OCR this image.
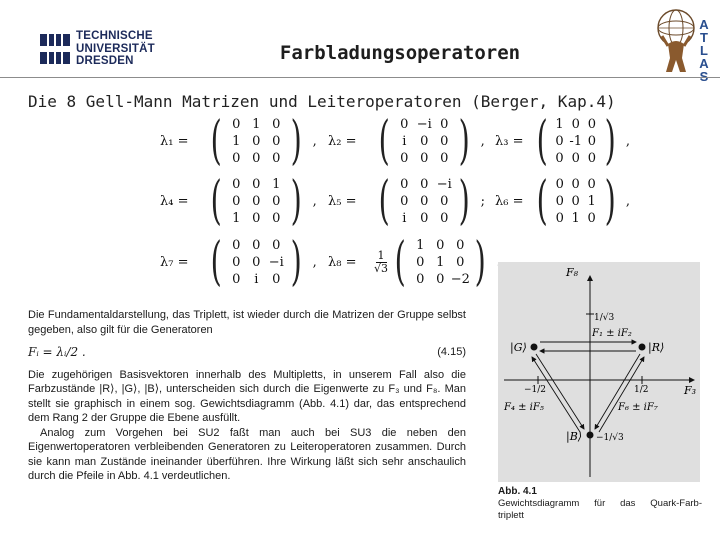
TECHNISCHE
UNIVERSITÄT
DRESDEN	Farbladungsoperatoren
A
T
L
A
Die 8 Gell-Mann Matrizen und Leiteroperatoren (Berger, Kap.4)
λ₁ = ( 0	1	0
1	0	0
0	0	0 ) , λ₂ = ( 0	−i	0
i	0	0
0	0	0 ) , λ₃ = ( 1	0	0
0	-1	0
0	0	0 ) ,
λ₄ = ( 0	0	1
0	0	0
1	0	0 ) , λ₅ = ( 0	0	−i
0	0	0
i	0	0 ) ; λ₆ = ( 0	0	0
0	0	1
0	1	0 ) ,
λ₇ = ( 0	0	0
0	0	−i
0	i	0 ) , λ₈ =	$\frac{1}{√3}$ ( 1	0	0
0	1	0
0	0	−2 )

Die Fundamentaldarstellung, das Triplett, ist wieder durch die Matrizen der Gruppe selbst gegeben, also gilt für die Generatoren

Fᵢ = λᵢ/2 .	(4.15)

Die zugehörigen Basisvektoren innerhalb des Multipletts, in unserem Fall also die Farbzustände |R⟩, |G⟩, |B⟩, unterscheiden sich durch die Eigenwerte zu F₃ und F₈. Man stellt sie graphisch in einem sog. Gewichtsdiagramm (Abb. 4.1) dar, das entsprechend dem Rang 2 der Gruppe die Ebene ausfüllt.

Analog zum Vorgehen bei SU2 faßt man auch bei SU3 die neben den Eigenwertoperatoren verbleibenden Generatoren zu Leiteroperatoren zusammen. Durch sie kann man Zustände ineinander überführen. Ihre Wirkung läßt sich sehr anschaulich durch die Pfeile in Abb. 4.1 verdeutlichen.

F₈
F₃
1/√3
−1/2	1/2
|G⟩	|R⟩
|B⟩ −1/√3
F₁ ± iF₂
F₄ ± iF₅	F₆ ± iF₇
Abb. 4.1
Gewichtsdiagramm für das Quark-Farb-
triplett
